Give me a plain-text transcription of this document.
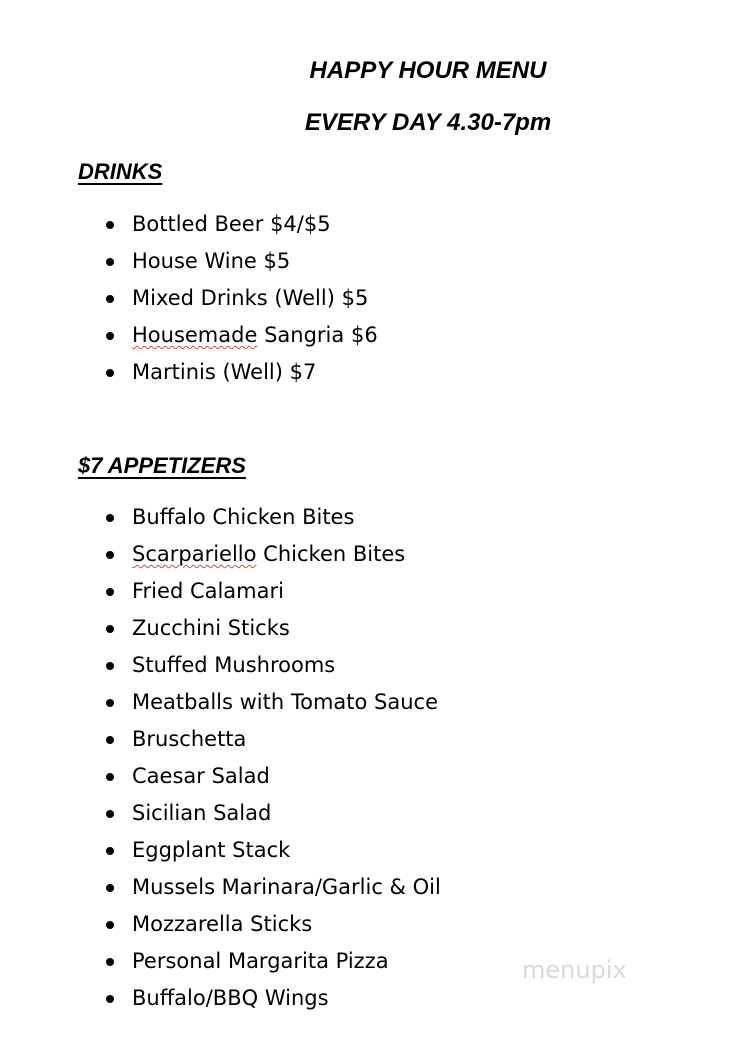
HAPPY HOUR MENU
EVERY DAY 4.30-7pm
DRINKS
Bottled Beer $4/$5
House Wine $5
Mixed Drinks (Well) $5
Housemade Sangria $6
Martinis (Well) $7
$7 APPETIZERS
Buffalo Chicken Bites
Scarpariello Chicken Bites
Fried Calamari
Zucchini Sticks
Stuffed Mushrooms
Meatballs with Tomato Sauce
Bruschetta
Caesar Salad
Sicilian Salad
Eggplant Stack
Mussels Marinara/Garlic & Oil
Mozzarella Sticks
Personal Margarita Pizza
Buffalo/BBQ Wings
menupix
